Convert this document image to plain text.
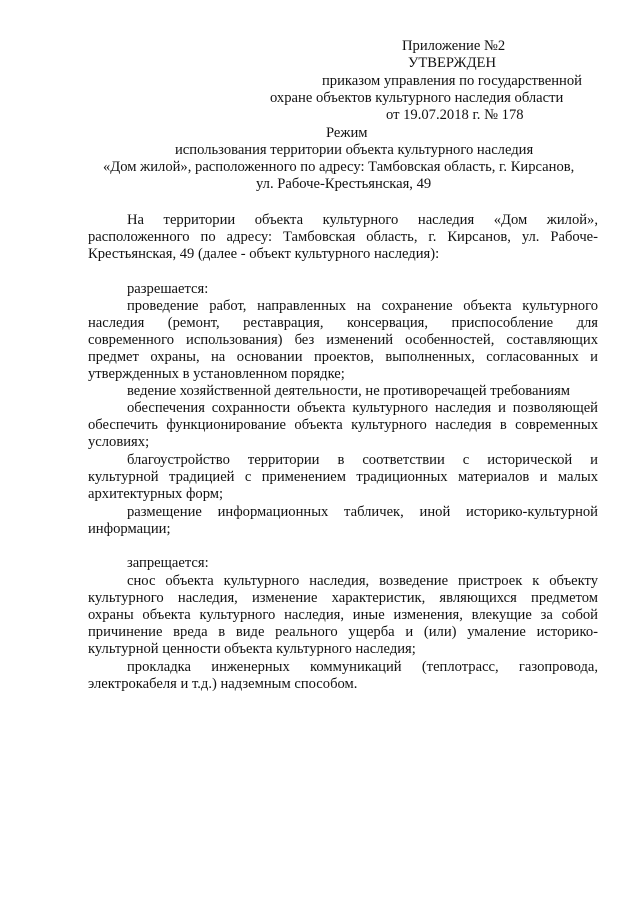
Приложение №2
УТВЕРЖДЕН
приказом управления по государственной
охране объектов культурного наследия области
от 19.07.2018 г. № 178
Режим
использования территории объекта культурного наследия
«Дом жилой», расположенного по адресу: Тамбовская область, г. Кирсанов,
ул. Рабоче-Крестьянская, 49
На территории объекта культурного наследия «Дом жилой»,
расположенного по адресу: Тамбовская область, г. Кирсанов, ул. Рабоче-
Крестьянская, 49 (далее - объект культурного наследия):
разрешается:
проведение работ, направленных на сохранение объекта культурного
наследия (ремонт, реставрация, консервация, приспособление для
современного использования) без изменений особенностей, составляющих
предмет охраны, на основании проектов, выполненных, согласованных и
утвержденных в установленном порядке;
ведение хозяйственной деятельности, не противоречащей требованиям
обеспечения сохранности объекта культурного наследия и позволяющей
обеспечить функционирование объекта культурного наследия в современных
условиях;
благоустройство территории в соответствии с исторической и
культурной традицией с применением традиционных материалов и малых
архитектурных форм;
размещение информационных табличек, иной историко-культурной
информации;
запрещается:
снос объекта культурного наследия, возведение пристроек к объекту
культурного наследия, изменение характеристик, являющихся предметом
охраны объекта культурного наследия, иные изменения, влекущие за собой
причинение вреда в виде реального ущерба и (или) умаление историко-
культурной ценности объекта культурного наследия;
прокладка инженерных коммуникаций (теплотрасс, газопровода,
электрокабеля и т.д.) надземным способом.
